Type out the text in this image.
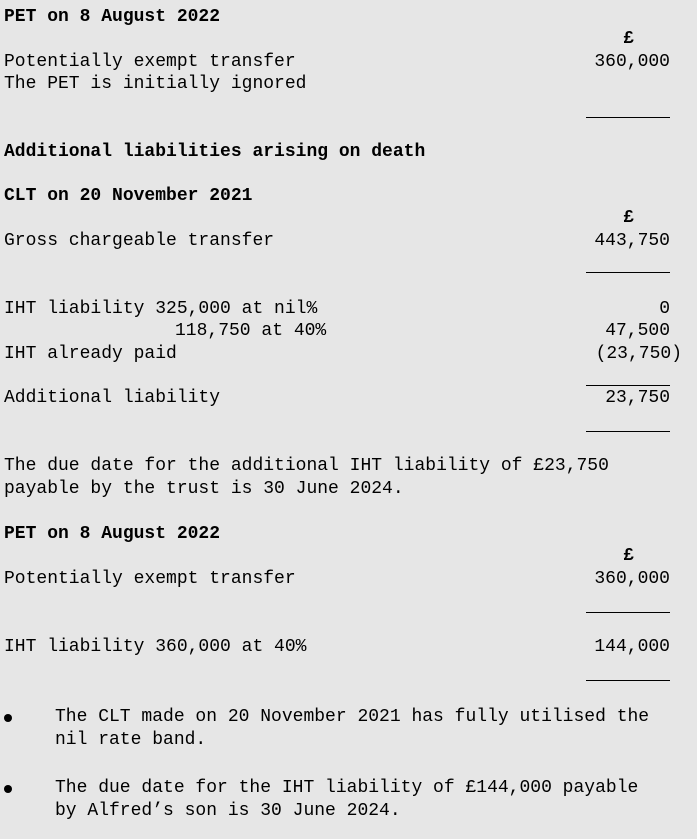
PET on 8 August 2022
£
Potentially exempt transfer	360,000
The PET is initially ignored
Additional liabilities arising on death
CLT on 20 November 2021
£
Gross chargeable transfer	443,750
IHT liability 325,000 at nil%	0
118,750 at 40%	47,500
IHT already paid	(23,750)
Additional liability	23,750
The due date for the additional IHT liability of £23,750
payable by the trust is 30 June 2024.
PET on 8 August 2022
£
Potentially exempt transfer	360,000
IHT liability 360,000 at 40%	144,000
The CLT made on 20 November 2021 has fully utilised the
nil rate band.
The due date for the IHT liability of £144,000 payable
by Alfred’s son is 30 June 2024.
